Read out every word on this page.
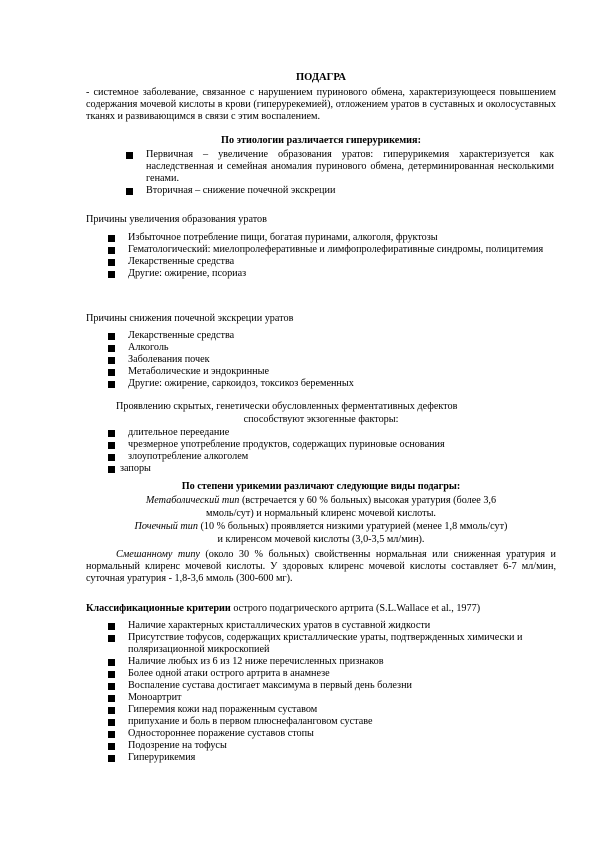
ПОДАГРА
- системное заболевание, связанное с нарушением пуринового обмена, характеризующееся повышением содержания мочевой кислоты в крови (гиперурекемией), отложением уратов в суставных и околосуставных тканях и развивающимся в связи с этим воспалением.
По этиологии различается гиперурикемия:
Первичная – увеличение образования уратов: гиперурикемия характеризуется как наследственная и семейная аномалия пуринового обмена, детерминированная несколькими генами.
Вторичная – снижение почечной экскреции
Причины увеличения образования уратов
Избыточное потребление пищи, богатая пуринами, алкоголя, фруктозы
Гематологический: миелопролеферативные и лимфопролефиративные синдромы, полицитемия
Лекарственные средства
Другие: ожирение, псориаз
Причины снижения почечной экскреции уратов
Лекарственные средства
Алкоголь
Заболевания почек
Метаболические и эндокринные
Другие: ожирение, саркоидоз, токсикоз беременных
Проявлению скрытых, генетически обусловленных ферментативных дефектов
способствуют экзогенные факторы:
длительное переедание
чрезмерное употребление продуктов, содержащих пуриновые основания
злоупотребление алкоголем
запоры
По степени урикемии различают следующие виды подагры:
Метаболический тип (встречается у 60 % больных) высокая уратурия (более 3,6
ммоль/сут) и нормальный клиренс мочевой кислоты.
Почечный тип (10 % больных) проявляется низкими уратурией (менее 1,8 ммоль/сут)
и клиренсом мочевой кислоты (3,0-3,5 мл/мин).
Смешанному типу (около 30 % больных) свойственны нормальная или сниженная уратурия и нормальный клиренс мочевой кислоты. У здоровых клиренс мочевой кислоты составляет 6-7 мл/мин, суточная уратурия - 1,8-3,6 ммоль (300-600 мг).
Классификационные критерии острого подагрического артрита (S.L.Wallace et al., 1977)
Наличие характерных кристаллических уратов в суставной жидкости
Присутствие тофусов, содержащих кристаллические ураты, подтвержденных химически и поляризационной микроскопией
Наличие любых из 6 из 12 ниже перечисленных признаков
Более одной атаки острого артрита в анамнезе
Воспаление сустава достигает максимума в первый день болезни
Моноартрит
Гиперемия кожи над пораженным суставом
припухание и боль в первом плюснефаланговом суставе
Одностороннее поражение суставов стопы
Подозрение на тофусы
Гиперурикемия
